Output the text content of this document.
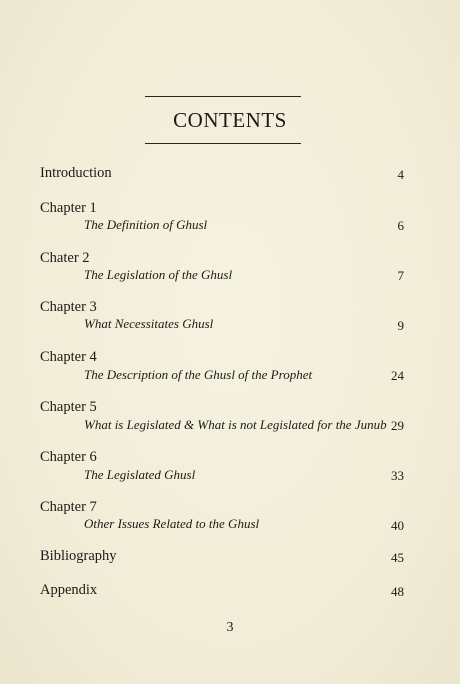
CONTENTS
Introduction	4
Chapter 1
The Definition of Ghusl	6
Chater 2
The Legislation of the Ghusl	7
Chapter 3
What Necessitates Ghusl	9
Chapter 4
The Description of the Ghusl of the Prophet	24
Chapter 5
What is Legislated & What is not Legislated for the Junub 29
Chapter 6
The Legislated Ghusl	33
Chapter 7
Other Issues Related to the Ghusl	40
Bibliography	45
Appendix	48
3
